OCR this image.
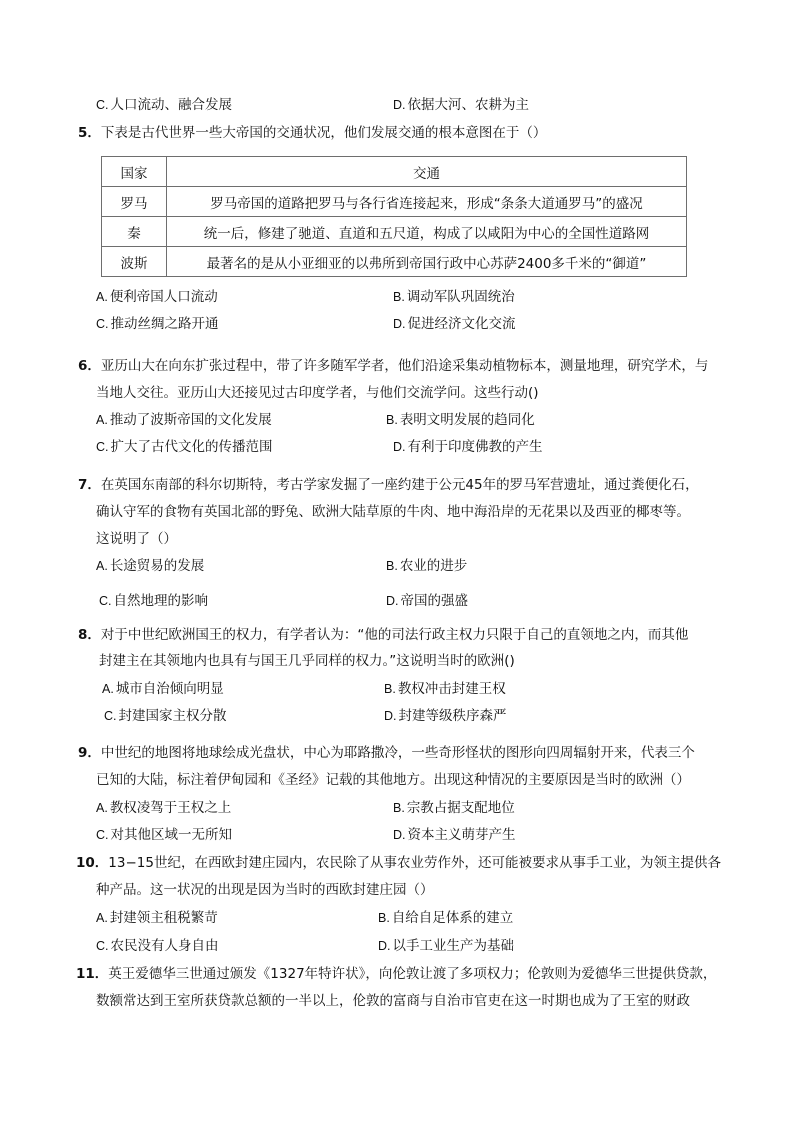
C. 人口流动、融合发展	D. 依据大河、农耕为主
5．下表是古代世界一些大帝国的交通状况，他们发展交通的根本意图在于（）
国家	交通
罗马	罗马帝国的道路把罗马与各行省连接起来，形成“条条大道通罗马”的盛况
秦	统一后，修建了驰道、直道和五尺道，构成了以咸阳为中心的全国性道路网
波斯	最著名的是从小亚细亚的以弗所到帝国行政中心苏萨2400多千米的“御道”
A. 便利帝国人口流动	B. 调动军队巩固统治
C. 推动丝绸之路开通	D. 促进经济文化交流
6．亚历山大在向东扩张过程中，带了许多随军学者，他们沿途采集动植物标本，测量地理，研究学术，与
当地人交往。亚历山大还接见过古印度学者，与他们交流学问。这些行动()
A. 推动了波斯帝国的文化发展	B. 表明文明发展的趋同化
C. 扩大了古代文化的传播范围	D. 有利于印度佛教的产生
7．在英国东南部的科尔切斯特，考古学家发掘了一座约建于公元45年的罗马军营遗址，通过粪便化石，
确认守军的食物有英国北部的野兔、欧洲大陆草原的牛肉、地中海沿岸的无花果以及西亚的椰枣等。
这说明了（）
A. 长途贸易的发展	B. 农业的进步
C. 自然地理的影响	D. 帝国的强盛
8．对于中世纪欧洲国王的权力，有学者认为：“他的司法行政主权力只限于自己的直领地之内，而其他
封建主在其领地内也具有与国王几乎同样的权力。”这说明当时的欧洲()
A. 城市自治倾向明显	B. 教权冲击封建王权
C. 封建国家主权分散	D. 封建等级秩序森严
9．中世纪的地图将地球绘成光盘状，中心为耶路撒冷，一些奇形怪状的图形向四周辐射开来，代表三个
已知的大陆，标注着伊甸园和《圣经》记载的其他地方。出现这种情况的主要原因是当时的欧洲（）
A. 教权凌驾于王权之上	B. 宗教占据支配地位
C. 对其他区域一无所知	D. 资本主义萌芽产生
10．13−15世纪，在西欧封建庄园内，农民除了从事农业劳作外，还可能被要求从事手工业，为领主提供各
种产品。这一状况的出现是因为当时的西欧封建庄园（）
A. 封建领主租税繁苛	B. 自给自足体系的建立
C. 农民没有人身自由	D. 以手工业生产为基础
11．英王爱德华三世通过颁发《1327年特许状》，向伦敦让渡了多项权力；伦敦则为爱德华三世提供贷款，
数额常达到王室所获贷款总额的一半以上，伦敦的富商与自治市官吏在这一时期也成为了王室的财政
